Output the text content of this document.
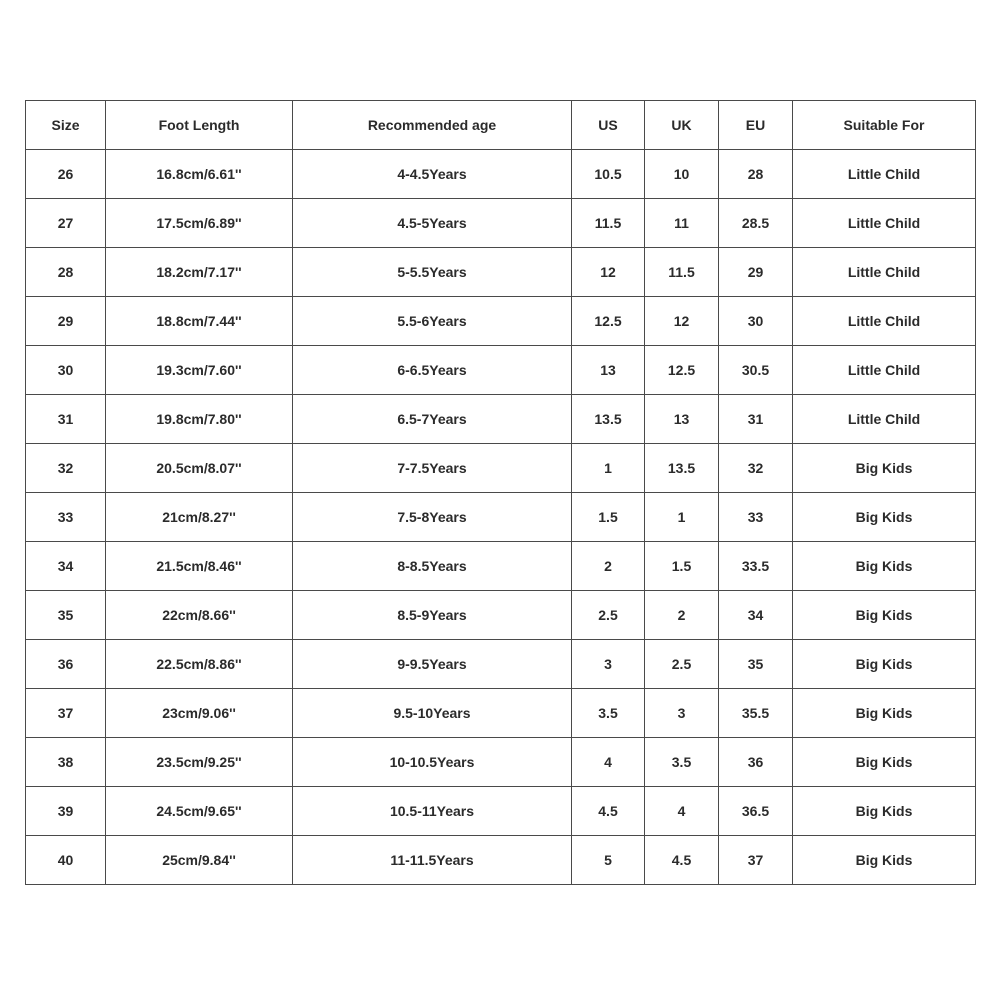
Size	Foot Length	Recommended age	US	UK	EU	Suitable For
26	16.8cm/6.61''	4-4.5Years	10.5	10	28	Little Child
27	17.5cm/6.89''	4.5-5Years	11.5	11	28.5	Little Child
28	18.2cm/7.17''	5-5.5Years	12	11.5	29	Little Child
29	18.8cm/7.44''	5.5-6Years	12.5	12	30	Little Child
30	19.3cm/7.60''	6-6.5Years	13	12.5	30.5	Little Child
31	19.8cm/7.80''	6.5-7Years	13.5	13	31	Little Child
32	20.5cm/8.07''	7-7.5Years	1	13.5	32	Big Kids
33	21cm/8.27''	7.5-8Years	1.5	1	33	Big Kids
34	21.5cm/8.46''	8-8.5Years	2	1.5	33.5	Big Kids
35	22cm/8.66''	8.5-9Years	2.5	2	34	Big Kids
36	22.5cm/8.86''	9-9.5Years	3	2.5	35	Big Kids
37	23cm/9.06''	9.5-10Years	3.5	3	35.5	Big Kids
38	23.5cm/9.25''	10-10.5Years	4	3.5	36	Big Kids
39	24.5cm/9.65''	10.5-11Years	4.5	4	36.5	Big Kids
40	25cm/9.84''	11-11.5Years	5	4.5	37	Big Kids
